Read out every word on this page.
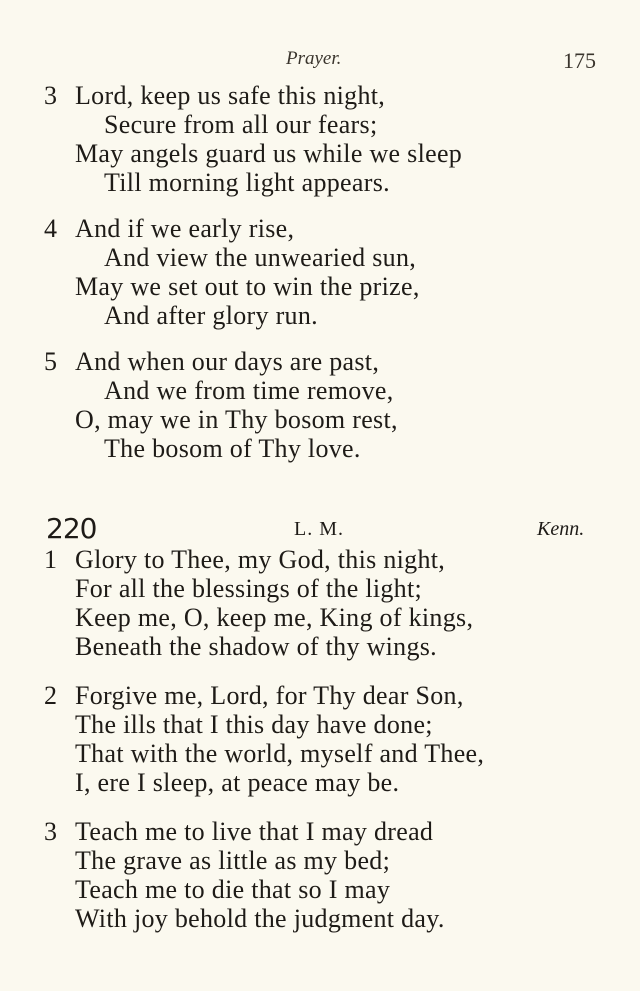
Prayer.	175
3 Lord, keep us safe this night,
Secure from all our fears;
May angels guard us while we sleep
Till morning light appears.
4 And if we early rise,
And view the unwearied sun,
May we set out to win the prize,
And after glory run.
5 And when our days are past,
And we from time remove,
O, may we in Thy bosom rest,
The bosom of Thy love.
220	L. M.	Kenn.
1 Glory to Thee, my God, this night,
For all the blessings of the light;
Keep me, O, keep me, King of kings,
Beneath the shadow of thy wings.
2 Forgive me, Lord, for Thy dear Son,
The ills that I this day have done;
That with the world, myself and Thee,
I, ere I sleep, at peace may be.
3 Teach me to live that I may dread
The grave as little as my bed;
Teach me to die that so I may
With joy behold the judgment day.
